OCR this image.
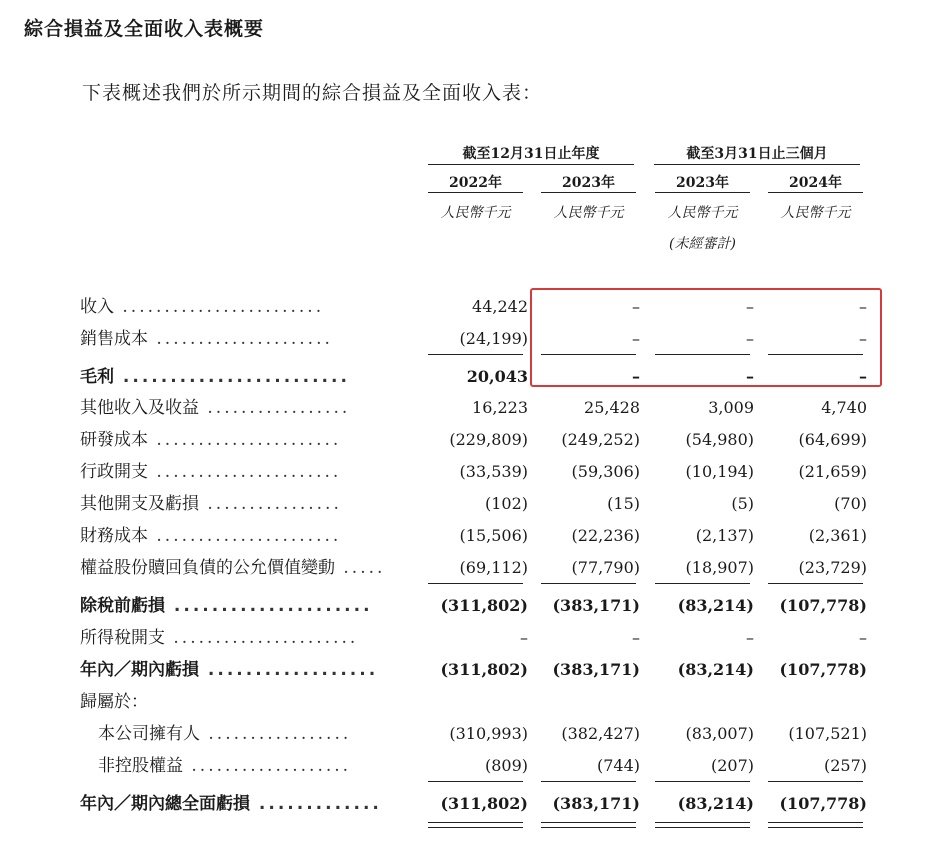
綜合損益及全面收入表概要
下表概述我們於所示期間的綜合損益及全面收入表：
截至12月31日止年度	截至3月31日止三個月
2022年	2023年	2023年	2024年
人民幣千元	人民幣千元	人民幣千元	人民幣千元
(未經審計)
收入 ........................	44,242	–	–	–
銷售成本 .....................	(24,199)	–	–	–
毛利 ........................	20,043	–	–	–
其他收入及收益 .................	16,223	25,428	3,009	4,740
研發成本 ......................	(229,809)	(249,252)	(54,980)	(64,699)
行政開支 ......................	(33,539)	(59,306)	(10,194)	(21,659)
其他開支及虧損 ................	(102)	(15)	(5)	(70)
財務成本 ......................	(15,506)	(22,236)	(2,137)	(2,361)
權益股份贖回負債的公允價值變動 .....	(69,112)	(77,790)	(18,907)	(23,729)
除稅前虧損 .....................	(311,802)	(383,171)	(83,214)	(107,778)
所得稅開支 ......................	–	–	–	–
年內／期內虧損 ..................	(311,802)	(383,171)	(83,214)	(107,778)
歸屬於：
本公司擁有人 .................	(310,993)	(382,427)	(83,007)	(107,521)
非控股權益 ...................	(809)	(744)	(207)	(257)
年內／期內總全面虧損 .............	(311,802)	(383,171)	(83,214)	(107,778)
